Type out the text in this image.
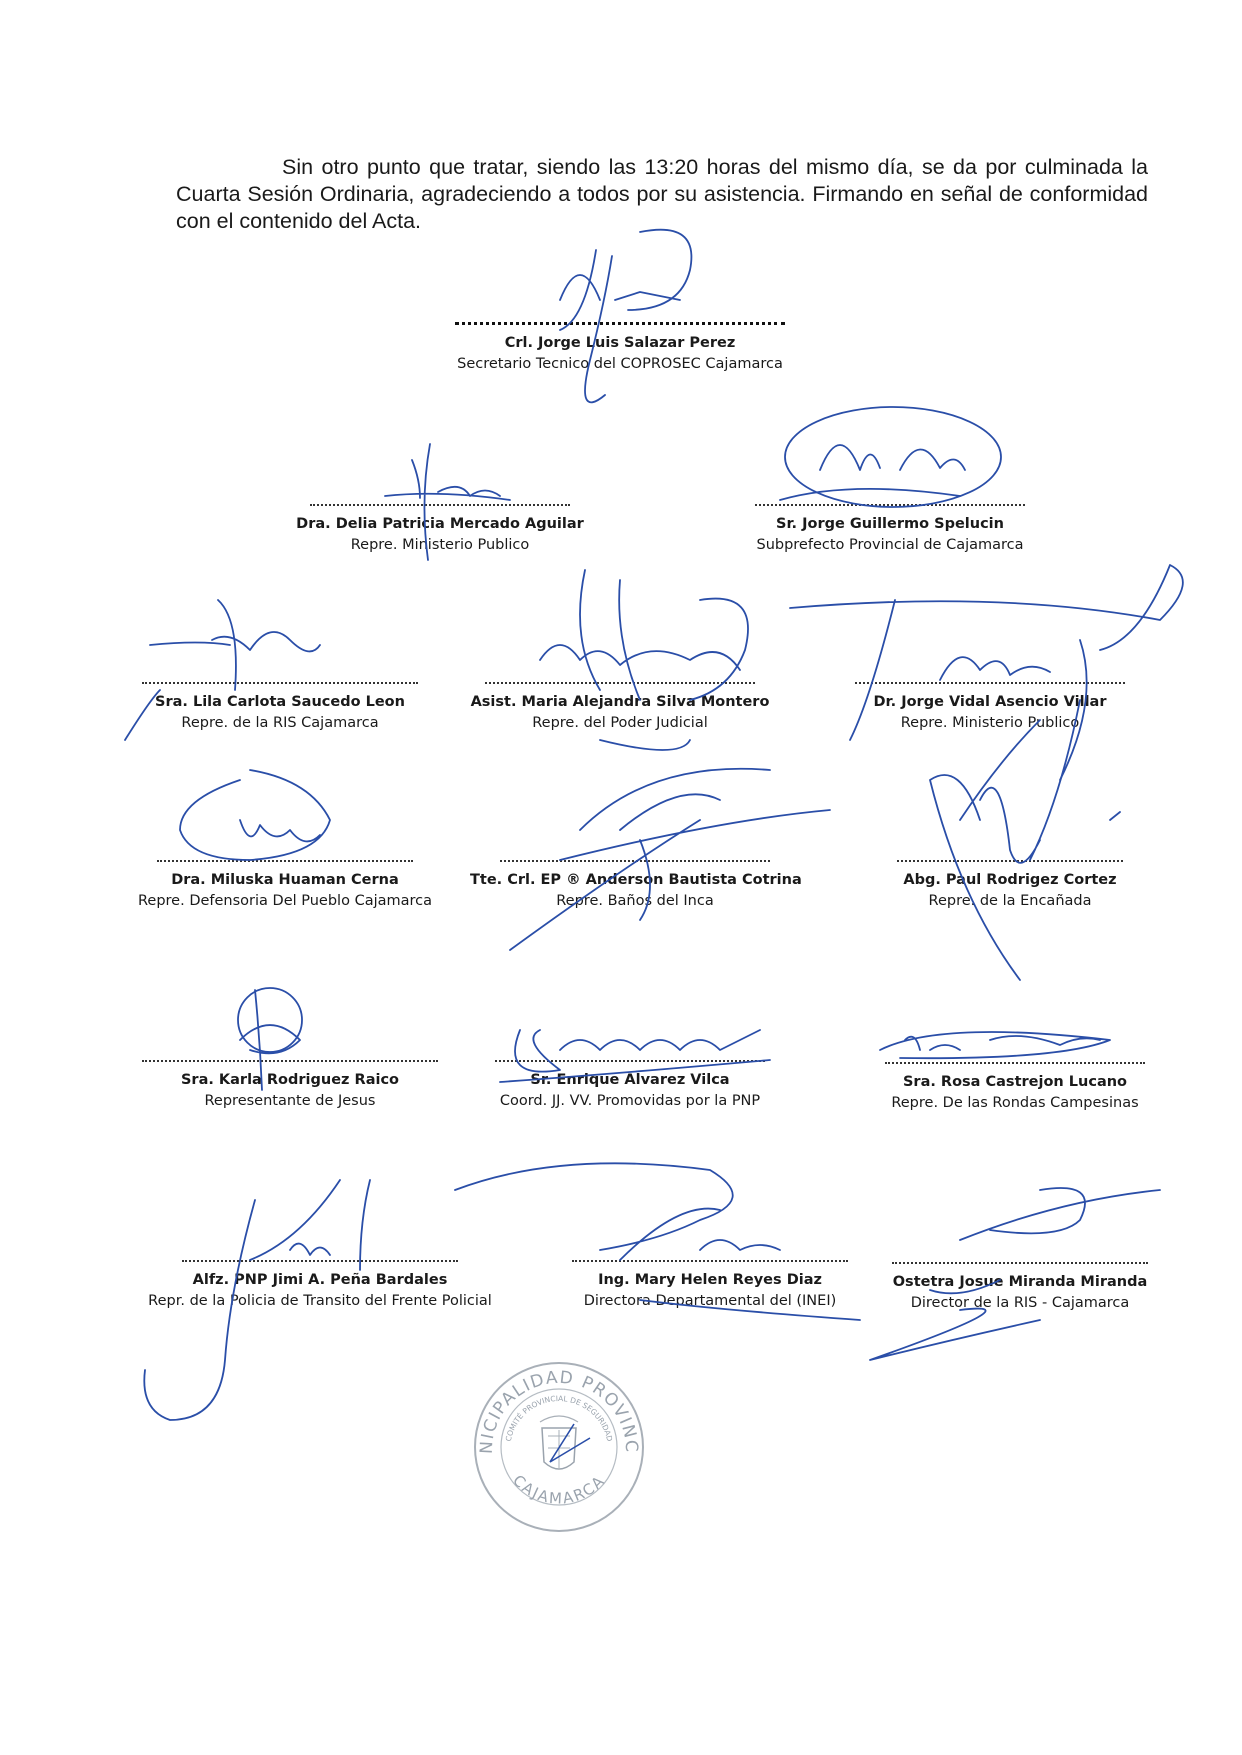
Sin otro punto que tratar, siendo las 13:20 horas del mismo día, se da por culminada la Cuarta Sesión Ordinaria, agradeciendo a todos por su asistencia. Firmando en señal de conformidad con el contenido del Acta.
Crl. Jorge Luis Salazar Perez
Secretario Tecnico del COPROSEC Cajamarca
Dra. Delia Patricia Mercado Aguilar
Repre. Ministerio Publico
Sr. Jorge Guillermo Spelucin
Subprefecto Provincial de Cajamarca
Sra. Lila Carlota Saucedo Leon
Repre. de la RIS Cajamarca
Asist. Maria Alejandra Silva Montero
Repre. del Poder Judicial
Dr. Jorge Vidal Asencio Villar
Repre. Ministerio Publico
Dra. Miluska Huaman Cerna
Repre. Defensoria Del Pueblo Cajamarca
Tte. Crl. EP ® Anderson Bautista Cotrina
Repre. Baños del Inca
Abg. Paul Rodrigez Cortez
Repre. de la Encañada
Sra. Karla Rodriguez Raico
Representante de Jesus
Sr. Enrique Alvarez Vilca
Coord. JJ. VV. Promovidas por la PNP
Sra. Rosa Castrejon Lucano
Repre. De las Rondas Campesinas
Alfz. PNP Jimi A. Peña Bardales
Repr. de la Policia de Transito del Frente Policial
Ing. Mary Helen Reyes Diaz
Directora Departamental del (INEI)
Ostetra Josue Miranda Miranda
Director de la RIS - Cajamarca
NICIPALIDAD PROVINC
COMITÉ PROVINCIAL DE SEGURIDAD
CAJAMARCA
